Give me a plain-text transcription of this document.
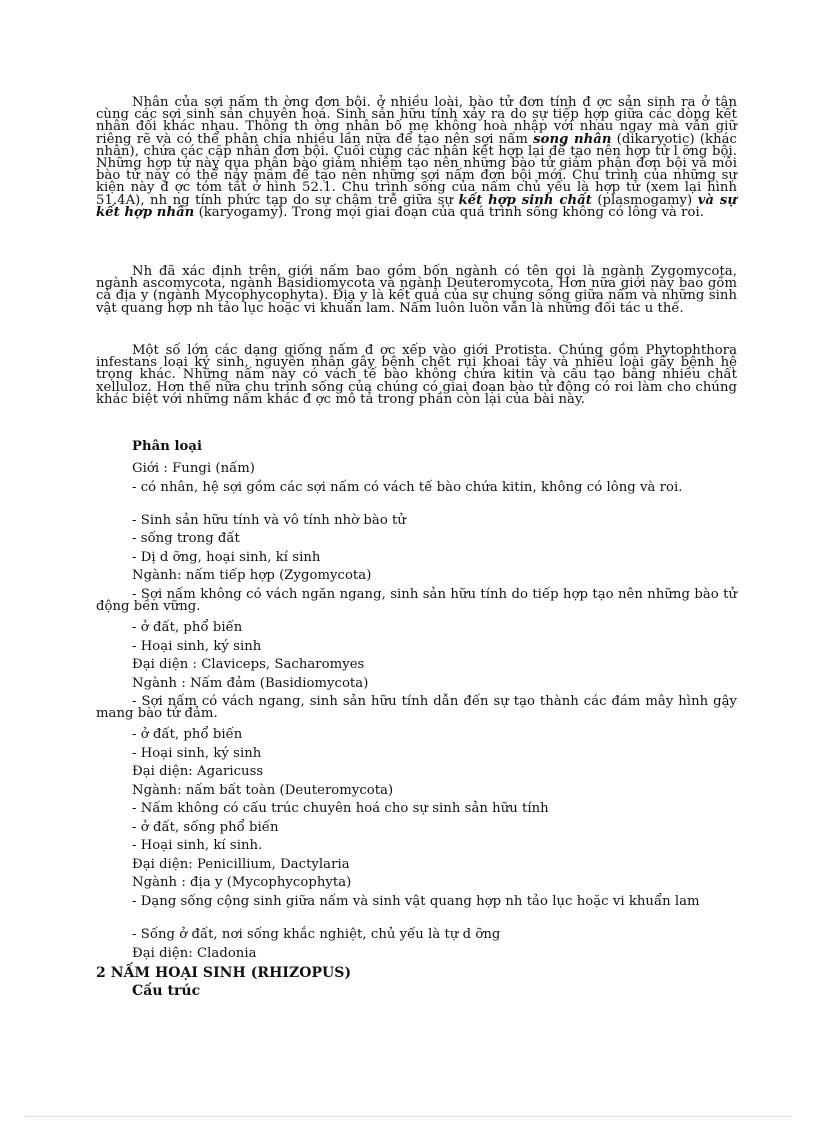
Nhân của sợi nấm th ờng đơn bội. ở nhiều loài, bào tử đơn tính đ ợc sản sinh ra ở tận cùng các sợi sinh sản chuyên hoá. Sinh sản hữu tính xảy ra do sự tiếp hợp giữa các dòng kết nhân đối khác nhau. Thông th ờng nhân bố mẹ không hoà nhập với nhau ngay mà vẫn giữ riêng rẽ và có thể phân chia nhiều lần nữa để tạo nên sợi nấm song nhân (dikaryotic) (khác nhân), chứa các cặp nhân đơn bội. Cuối cùng các nhân kết hợp lại để tạo nên hợp tử l ỡng bội. Những hợp tử này qua phân bào giảm nhiễm tạo nên những bào tử giảm phân đơn bội và mỗi bào tử này có thể nảy mầm để tạo nên những sợi nấm đơn bội mới. Chu trình của những sự kiện này đ ợc tóm tắt ở hình 52.1. Chu trình sống của nấm chủ yếu là hợp tử (xem lại hình 51.4A), nh ng tính phức tạp do sự chậm trễ giữa sự kết hợp sinh chất (plasmogamy) và sự kết hợp nhân (karyogamy). Trong mọi giai đoạn của quá trình sống không có lông và roi.

Nh đã xác định trên, giới nấm bao gồm bốn ngành có tên gọi là ngành Zygomycota, ngành ascomycota, ngành Basidiomycota và ngành Deuteromycota. Hơn nữa giới này bao gồm cả địa y (ngành Mycophycophyta). Địa y là kết quả của sự chung sống giữa nấm và những sinh vật quang hợp nh tảo lục hoặc vi khuẩn lam. Nấm luôn luôn vẫn là những đối tác u thế.

Một số lớn các dạng giống nấm đ ợc xếp vào giới Protista. Chúng gồm Phytophthora infestans loại ký sinh, nguyên nhân gây bệnh chết rụi khoai tây và nhiều loài gây bệnh hệ trọng khác. Những nấm này có vách tế bào không chứa kitin và cấu tạo bằng nhiều chất xelluloz. Hơn thế nữa chu trình sống của chúng có giai đoạn bào tử động có roi làm cho chúng khác biệt với những nấm khác đ ợc mô tả trong phần còn lại của bài này.

Phân loại
Giới : Fungi (nấm)
- có nhân, hệ sợi gồm các sợi nấm có vách tế bào chứa kitin, không có lông và roi.
- Sinh sản hữu tính và vô tính nhờ bào tử
- sống trong đất
- Dị d ỡng, hoại sinh, kí sinh
Ngành: nấm tiếp hợp (Zygomycota)
- Sợi nấm không có vách ngăn ngang, sinh sản hữu tính do tiếp hợp tạo nên những bào tử động bền vững.
- ở đất, phổ biến
- Hoại sinh, ký sinh
Đại diện : Claviceps, Sacharomyes
Ngành : Nấm đảm (Basidiomycota)
- Sợi nấm có vách ngang, sinh sản hữu tính dẫn đến sự tạo thành các đám mây hình gậy mang bào tử đảm.
- ở đất, phổ biến
- Hoại sinh, ký sinh
Đại diện: Agaricuss
Ngành: nấm bất toàn (Deuteromycota)
- Nấm không có cấu trúc chuyên hoá cho sự sinh sản hữu tính
- ở đất, sống phổ biến
- Hoại sinh, kí sinh.
Đại diện: Penicillium, Dactylaria
Ngành : địa y (Mycophycophyta)
- Dạng sống cộng sinh giữa nấm và sinh vật quang hợp nh tảo lục hoặc vi khuẩn lam
- Sống ở đất, nơi sống khắc nghiệt, chủ yếu là tự d ỡng
Đại diện: Cladonia
2 NẤM HOẠI SINH (RHIZOPUS)
Cấu trúc
